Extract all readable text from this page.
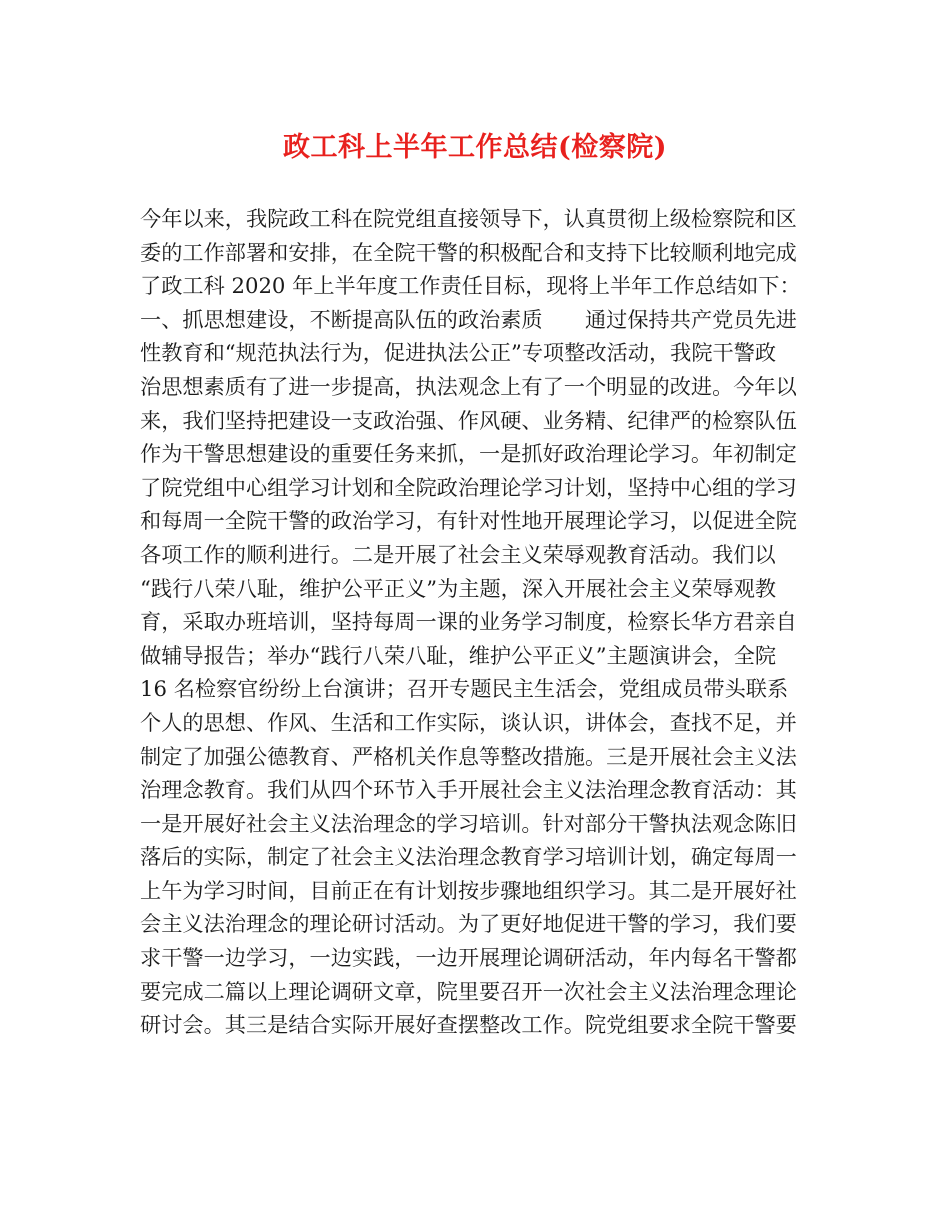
政工科上半年工作总结(检察院)
今年以来，我院政工科在院党组直接领导下，认真贯彻上级检察院和区
委的工作部署和安排，在全院干警的积极配合和支持下比较顺利地完成
了政工科 2020 年上半年度工作责任目标，现将上半年工作总结如下：
一、抓思想建设，不断提高队伍的政治素质　　通过保持共产党员先进
性教育和“规范执法行为，促进执法公正”专项整改活动，我院干警政
治思想素质有了进一步提高，执法观念上有了一个明显的改进。今年以
来，我们坚持把建设一支政治强、作风硬、业务精、纪律严的检察队伍
作为干警思想建设的重要任务来抓，一是抓好政治理论学习。年初制定
了院党组中心组学习计划和全院政治理论学习计划，坚持中心组的学习
和每周一全院干警的政治学习，有针对性地开展理论学习，以促进全院
各项工作的顺利进行。二是开展了社会主义荣辱观教育活动。我们以
“践行八荣八耻，维护公平正义”为主题，深入开展社会主义荣辱观教
育，采取办班培训，坚持每周一课的业务学习制度，检察长华方君亲自
做辅导报告；举办“践行八荣八耻，维护公平正义”主题演讲会，全院
16 名检察官纷纷上台演讲；召开专题民主生活会，党组成员带头联系
个人的思想、作风、生活和工作实际，谈认识，讲体会，查找不足，并
制定了加强公德教育、严格机关作息等整改措施。三是开展社会主义法
治理念教育。我们从四个环节入手开展社会主义法治理念教育活动：其
一是开展好社会主义法治理念的学习培训。针对部分干警执法观念陈旧
落后的实际，制定了社会主义法治理念教育学习培训计划，确定每周一
上午为学习时间，目前正在有计划按步骤地组织学习。其二是开展好社
会主义法治理念的理论研讨活动。为了更好地促进干警的学习，我们要
求干警一边学习，一边实践，一边开展理论调研活动，年内每名干警都
要完成二篇以上理论调研文章，院里要召开一次社会主义法治理念理论
研讨会。其三是结合实际开展好查摆整改工作。院党组要求全院干警要
